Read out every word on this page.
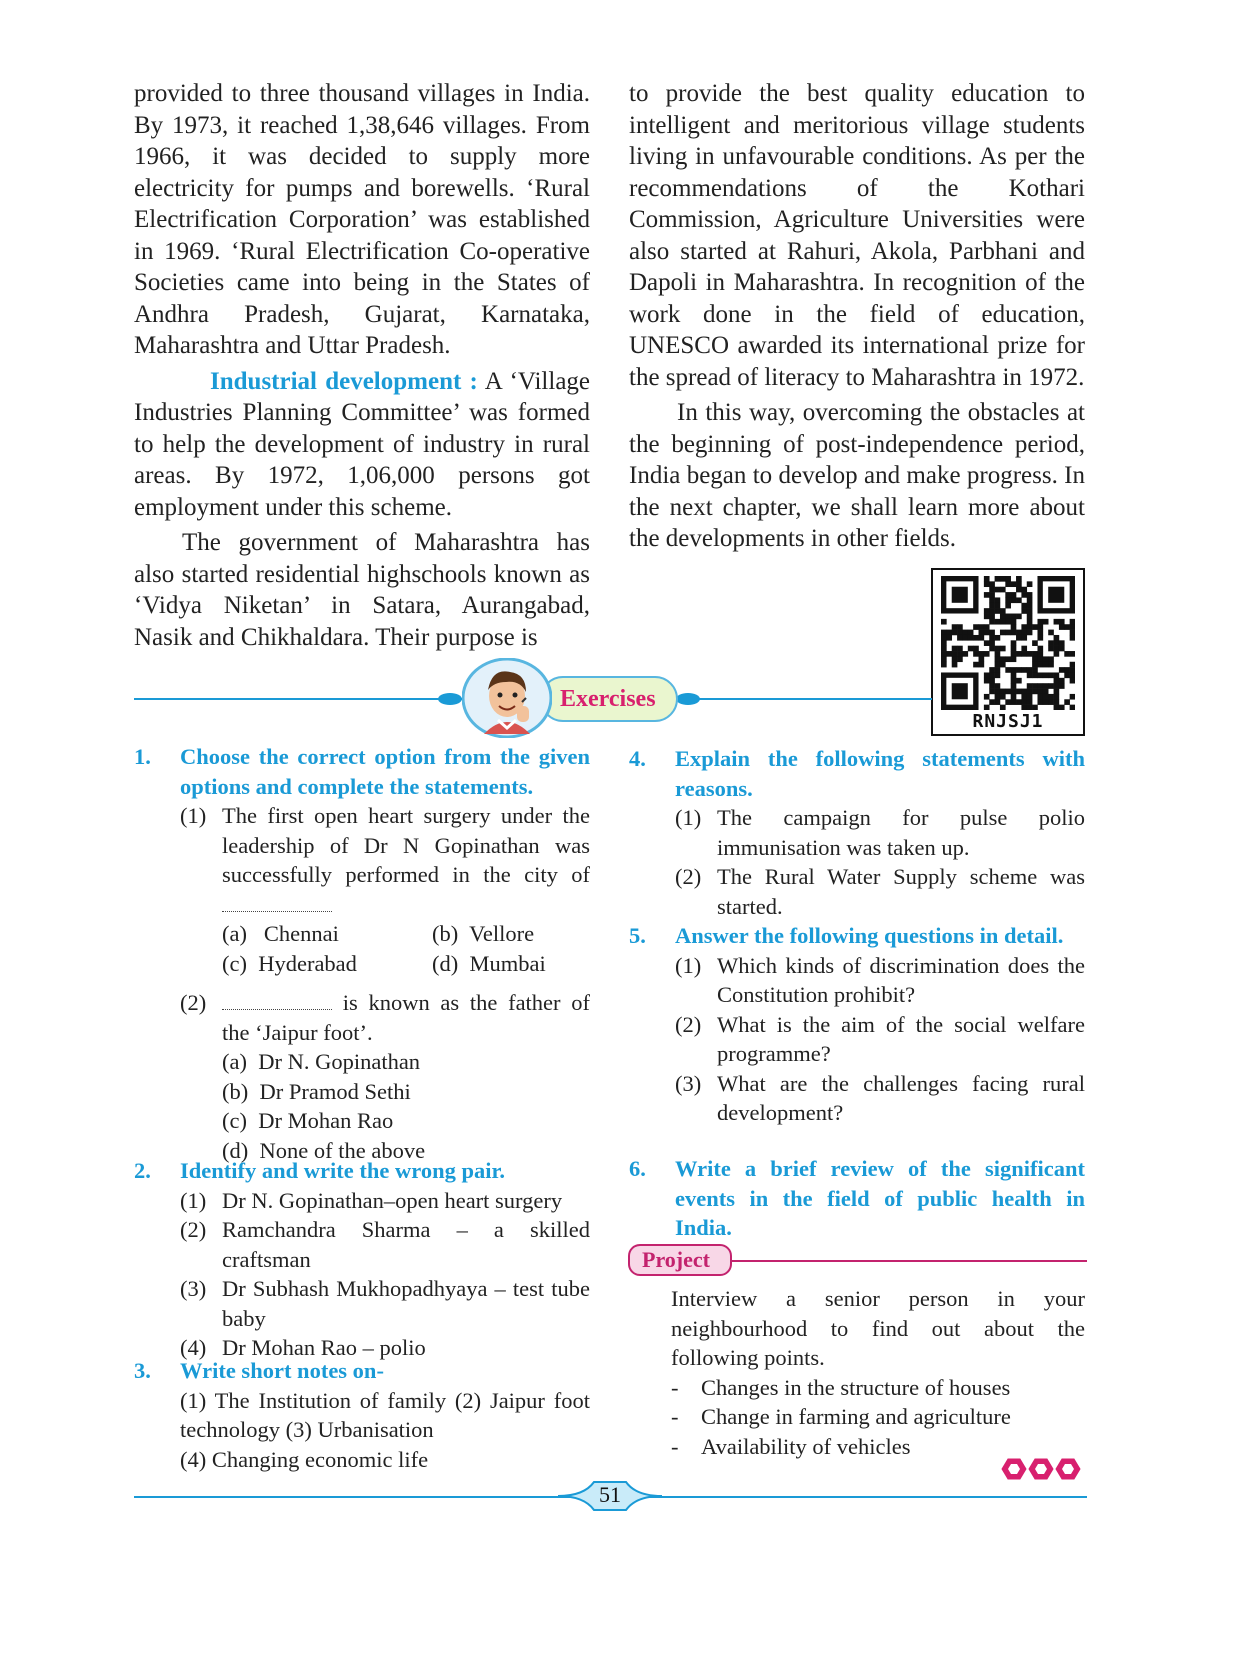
provided to three thousand villages in India. By 1973, it reached 1,38,646 villages. From 1966, it was decided to supply more electricity for pumps and borewells. ‘Rural Electrification Corporation’ was established in 1969. ‘Rural Electrification Co-operative Societies came into being in the States of Andhra Pradesh, Gujarat, Karnataka, Maharashtra and Uttar Pradesh.

Industrial development : A ‘Village Industries Planning Committee’ was formed to help the development of industry in rural areas. By 1972, 1,06,000 persons got employment under this scheme.

The government of Maharashtra has also started residential highschools known as ‘Vidya Niketan’ in Satara, Aurangabad, Nasik and Chikhaldara. Their purpose is

to provide the best quality education to intelligent and meritorious village students living in unfavourable conditions. As per the recommendations of the Kothari Commission, Agriculture Universities were also started at Rahuri, Akola, Parbhani and Dapoli in Maharashtra. In recognition of the work done in the field of education, UNESCO awarded its international prize for the spread of literacy to Maharashtra in 1972.

In this way, overcoming the obstacles at the beginning of post-independence period, India began to develop and make progress. In the next chapter, we shall learn more about the developments in other fields.

RNJSJ1
Exercises
1.	Choose the correct option from the given options and complete the statements.
(1) The first open heart surgery under the leadership of Dr N Gopinathan was successfully performed in the city of
(a)   Chennai	(b)  Vellore
(c)  Hyderabad	(d)  Mumbai
(2)	is known as the father of the ‘Jaipur foot’.
(a)  Dr N. Gopinathan
(b)  Dr Pramod Sethi
(c)  Dr Mohan Rao
(d)  None of the above
2.	Identify and write the wrong pair.
(1) Dr N. Gopinathan–open heart surgery
(2) Ramchandra Sharma – a skilled craftsman
(3) Dr Subhash Mukhopadhyaya – test tube baby
(4) Dr Mohan Rao – polio
3.	Write short notes on-
(1) The Institution of family (2) Jaipur foot technology (3) Urbanisation
(4) Changing economic life
4.	Explain the following statements with reasons.
(1) The campaign for pulse polio immunisation was taken up.
(2) The Rural Water Supply scheme was started.
5.	Answer the following questions in detail.
(1) Which kinds of discrimination does the Constitution prohibit?
(2) What is the aim of the social welfare programme?
(3) What are the challenges facing rural development?
6.	Write a brief review of the significant events in the field of public health in India.
Project
Interview a senior person in your neighbourhood to find out about the following points.
-	Changes in the structure of houses
-	Change in farming and agriculture
-	Availability of vehicles
51
